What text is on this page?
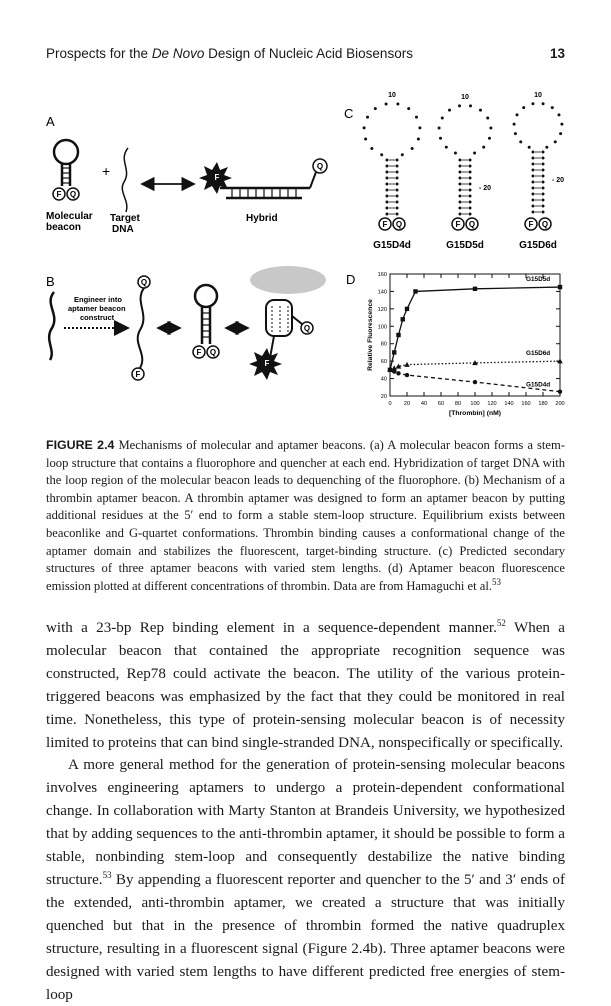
Prospects for the De Novo Design of Nucleic Acid Biosensors	13
A
F Q
+	F
Q
Molecular
beacon
Target
DNA
Hybrid
B
Engineer into
aptamer beacon
construct
Q
F
F Q
Q
F
C
10
F Q
10
- 20
F Q
10
- 20
F Q
G15D4d	G15D5d	G15D6d
D
0 20 40 60 80 100 120 140 160 180 200
20
40
60
80
100
120
140
160
[Thrombin] (nM)
Relative Fluorescence
G15D5d
G15D6d
G15D4d
FIGURE 2.4 Mechanisms of molecular and aptamer beacons. (a) A molecular beacon forms a stem-loop structure that contains a fluorophore and quencher at each end. Hybridization of target DNA with the loop region of the molecular beacon leads to dequenching of the fluorophore. (b) Mechanism of a thrombin aptamer beacon. A thrombin aptamer was designed to form an aptamer beacon by putting additional residues at the 5′ end to form a stable stem-loop structure. Equilibrium exists between beaconlike and G-quartet conformations. Thrombin binding causes a conformational change of the aptamer domain and stabilizes the fluorescent, target-binding structure. (c) Predicted secondary structures of three aptamer beacons with varied stem lengths. (d) Aptamer beacon fluorescence emission plotted at different concentrations of thrombin. Data are from Hamaguchi et al.$^{53}$

with a 23-bp Rep binding element in a sequence-dependent manner.$^{52}$ When a molecular beacon that contained the appropriate recognition sequence was constructed, Rep78 could activate the beacon. The utility of the various protein-triggered beacons was emphasized by the fact that they could be monitored in real time. Nonetheless, this type of protein-sensing molecular beacon is of necessity limited to proteins that can bind single-stranded DNA, nonspecifically or specifically.

A more general method for the generation of protein-sensing molecular beacons involves engineering aptamers to undergo a protein-dependent conformational change. In collaboration with Marty Stanton at Brandeis University, we hypothesized that by adding sequences to the anti-thrombin aptamer, it should be possible to form a stable, nonbinding stem-loop and consequently destabilize the native binding structure.$^{53}$ By appending a fluorescent reporter and quencher to the 5′ and 3′ ends of the extended, anti-thrombin aptamer, we created a structure that was initially quenched but that in the presence of thrombin formed the native quadruplex structure, resulting in a fluorescent signal (Figure 2.4b). Three aptamer beacons were designed with varied stem lengths to have different predicted free energies of stem-loop
